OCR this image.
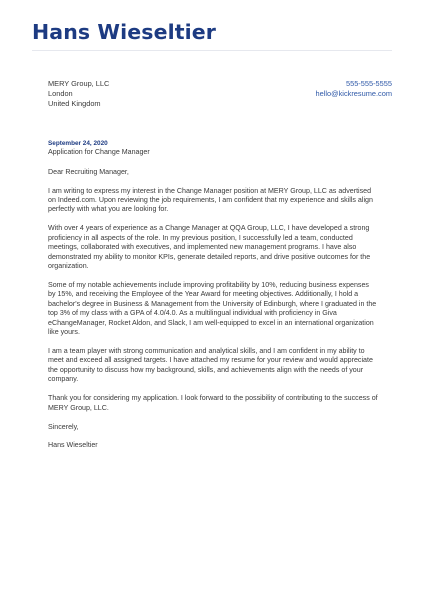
Hans Wieseltier
MERY Group, LLC
London
United Kingdom
555-555-5555
hello@kickresume.com
September 24, 2020
Application for Change Manager
Dear Recruiting Manager,

I am writing to express my interest in the Change Manager position at MERY Group, LLC as advertised on Indeed.com. Upon reviewing the job requirements, I am confident that my experience and skills align perfectly with what you are looking for.

With over 4 years of experience as a Change Manager at QQA Group, LLC, I have developed a strong proficiency in all aspects of the role. In my previous position, I successfully led a team, conducted meetings, collaborated with executives, and implemented new management programs. I have also demonstrated my ability to monitor KPIs, generate detailed reports, and drive positive outcomes for the organization.

Some of my notable achievements include improving profitability by 10%, reducing business expenses by 15%, and receiving the Employee of the Year Award for meeting objectives. Additionally, I hold a bachelor's degree in Business & Management from the University of Edinburgh, where I graduated in the top 3% of my class with a GPA of 4.0/4.0. As a multilingual individual with proficiency in Giva eChangeManager, Rocket Aldon, and Slack, I am well-equipped to excel in an international organization like yours.

I am a team player with strong communication and analytical skills, and I am confident in my ability to meet and exceed all assigned targets. I have attached my resume for your review and would appreciate the opportunity to discuss how my background, skills, and achievements align with the needs of your company.

Thank you for considering my application. I look forward to the possibility of contributing to the success of MERY Group, LLC.

Sincerely,

Hans Wieseltier
